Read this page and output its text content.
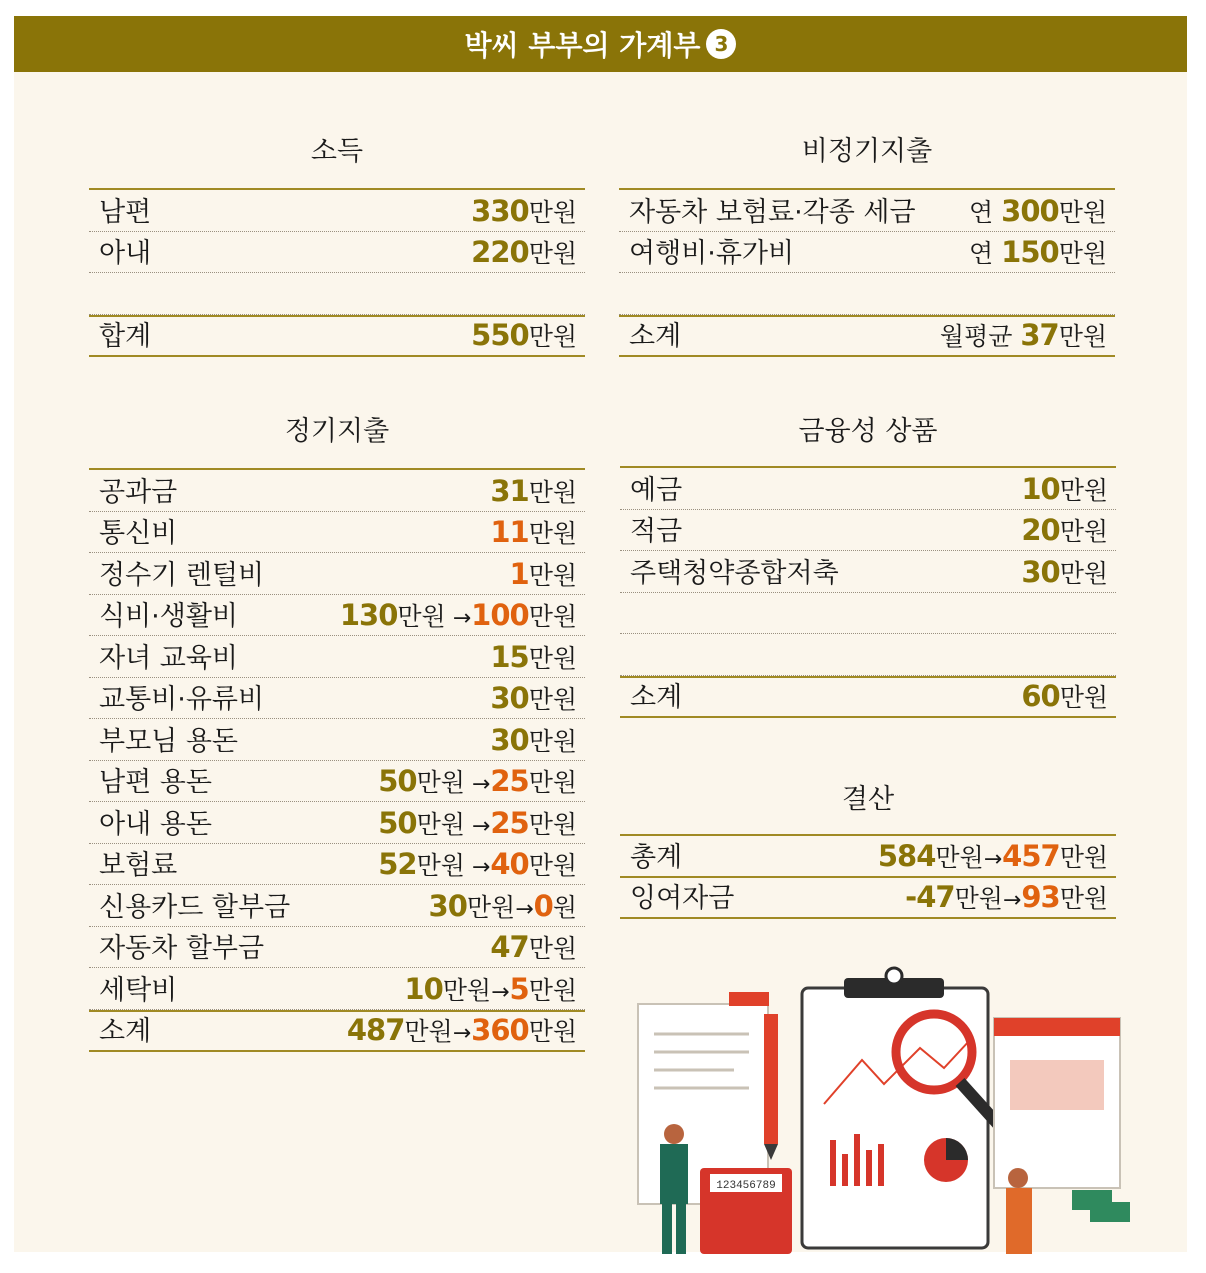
박씨 부부의 가계부 3
소득
남편	330만원
아내	220만원
합계	550만원
비정기지출
자동차 보험료·각종 세금 연 300만원
여행비·휴가비	연 150만원
소계	월평균 37만원
정기지출
공과금	31만원
통신비	11만원
정수기 렌털비	1만원
식비·생활비	130만원 →100만원
자녀 교육비	15만원
교통비·유류비	30만원
부모님 용돈	30만원
남편 용돈	50만원 →25만원
아내 용돈	50만원 →25만원
보험료	52만원 →40만원
신용카드 할부금	30만원→0원
자동차 할부금	47만원
세탁비	10만원→5만원
소계	487만원→360만원
금융성 상품
예금	10만원
적금	20만원
주택청약종합저축	30만원
소계	60만원
결산
총계	584만원→457만원
잉여자금	-47만원→93만원
123456789
